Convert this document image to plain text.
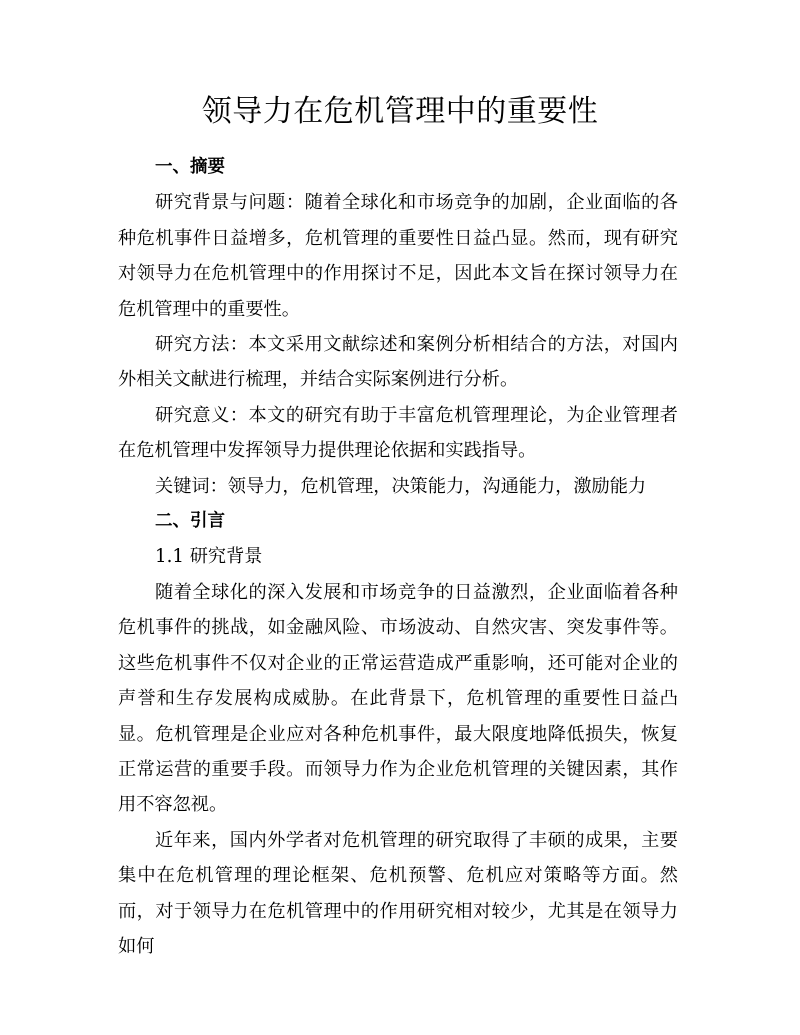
领导力在危机管理中的重要性

一、摘要

研究背景与问题：随着全球化和市场竞争的加剧，企业面临的各种危机事件日益增多，危机管理的重要性日益凸显。然而，现有研究对领导力在危机管理中的作用探讨不足，因此本文旨在探讨领导力在危机管理中的重要性。

研究方法：本文采用文献综述和案例分析相结合的方法，对国内外相关文献进行梳理，并结合实际案例进行分析。

研究意义：本文的研究有助于丰富危机管理理论，为企业管理者在危机管理中发挥领导力提供理论依据和实践指导。

关键词：领导力，危机管理，决策能力，沟通能力，激励能力

二、引言

1.1 研究背景

随着全球化的深入发展和市场竞争的日益激烈，企业面临着各种危机事件的挑战，如金融风险、市场波动、自然灾害、突发事件等。这些危机事件不仅对企业的正常运营造成严重影响，还可能对企业的声誉和生存发展构成威胁。在此背景下，危机管理的重要性日益凸显。危机管理是企业应对各种危机事件，最大限度地降低损失，恢复正常运营的重要手段。而领导力作为企业危机管理的关键因素，其作用不容忽视。

近年来，国内外学者对危机管理的研究取得了丰硕的成果，主要集中在危机管理的理论框架、危机预警、危机应对策略等方面。然而，对于领导力在危机管理中的作用研究相对较少，尤其是在领导力如何
